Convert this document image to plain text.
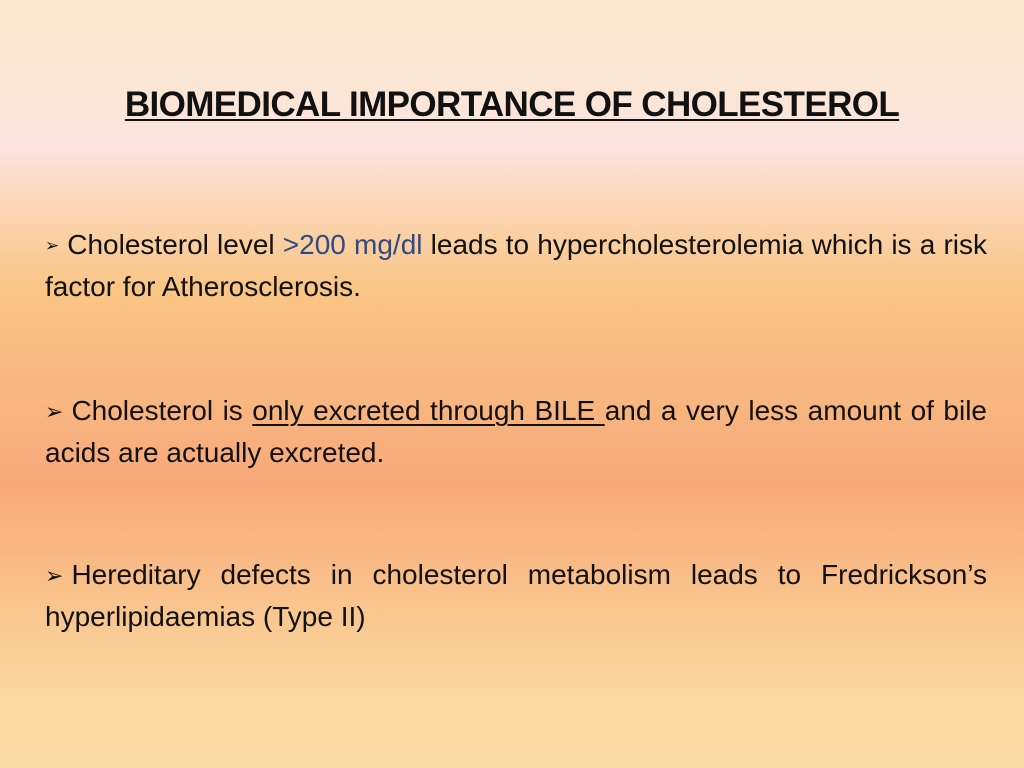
BIOMEDICAL IMPORTANCE OF CHOLESTEROL
➢ Cholesterol level >200 mg/dl leads to hypercholesterolemia which is a risk factor for Atherosclerosis.
➢ Cholesterol is only excreted through BILE and a very less amount of bile acids are actually excreted.
➢ Hereditary defects in cholesterol metabolism leads to Fredrickson’s hyperlipidaemias (Type II)
